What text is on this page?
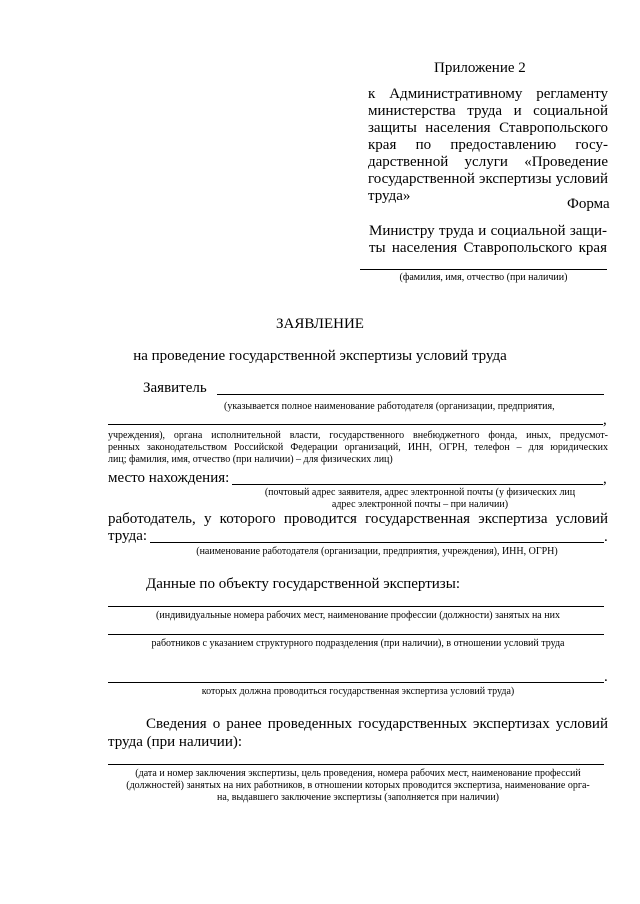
Приложение 2
к Административному регламенту
министерства труда и социальной
защиты населения Ставропольского
края по предоставлению госу-
дарственной услуги «Проведение
государственной экспертизы условий
труда»	Форма
Министру труда и социальной защи-
ты населения Ставропольского края
(фамилия, имя, отчество (при наличии)
ЗАЯВЛЕНИЕ
на проведение государственной экспертизы условий труда
Заявитель
(указывается полное наименование работодателя (организации, предприятия,
,
учреждения), органа исполнительной власти, государственного внебюджетного фонда, иных, предусмот-
ренных законодательством Российской Федерации организаций, ИНН, ОГРН, телефон – для юридических
лиц; фамилия, имя, отчество (при наличии) – для физических лиц)
место нахождения:	,
(почтовый адрес заявителя, адрес электронной почты (у физических лиц
адрес электронной почты – при наличии)
работодатель, у которого проводится государственная экспертиза условий
труда:	.
(наименование работодателя (организации, предприятия, учреждения), ИНН, ОГРН)
Данные по объекту государственной экспертизы:
(индивидуальные номера рабочих мест, наименование профессии (должности) занятых на них
работников с указанием структурного подразделения (при наличии), в отношении условий труда
.
которых должна проводиться государственная экспертиза условий труда)
Сведения о ранее проведенных государственных экспертизах условий
труда (при наличии):
(дата и номер заключения экспертизы, цель проведения, номера рабочих мест, наименование профессий
(должностей) занятых на них работников, в отношении которых проводится экспертиза, наименование орга-
на, выдавшего заключение экспертизы (заполняется при наличии)
